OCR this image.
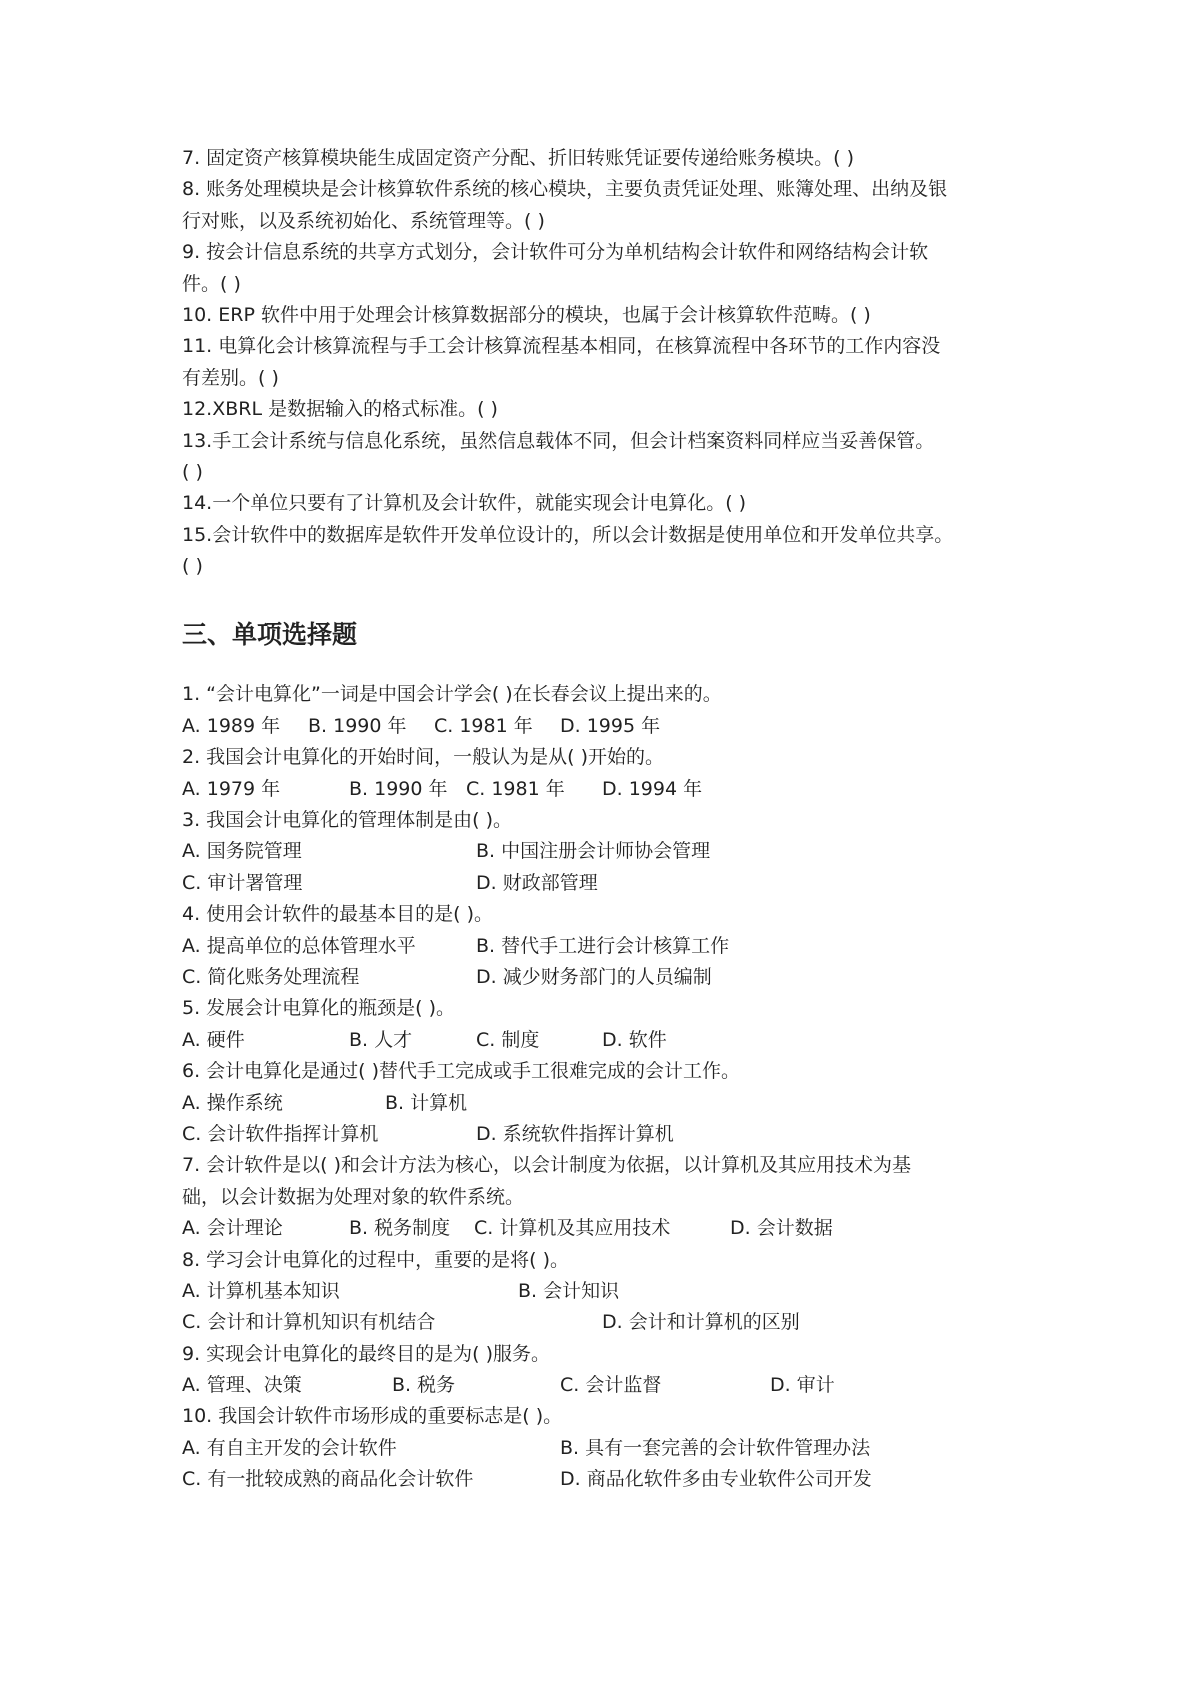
7. 固定资产核算模块能生成固定资产分配、折旧转账凭证要传递给账务模块。( )
8. 账务处理模块是会计核算软件系统的核心模块，主要负责凭证处理、账簿处理、出纳及银
行对账，以及系统初始化、系统管理等。( )
9. 按会计信息系统的共享方式划分，会计软件可分为单机结构会计软件和网络结构会计软
件。( )
10. ERP 软件中用于处理会计核算数据部分的模块，也属于会计核算软件范畴。( )
11. 电算化会计核算流程与手工会计核算流程基本相同，在核算流程中各环节的工作内容没
有差别。( )
12.XBRL 是数据输入的格式标准。( )
13.手工会计系统与信息化系统，虽然信息载体不同，但会计档案资料同样应当妥善保管。
( )
14.一个单位只要有了计算机及会计软件，就能实现会计电算化。( )
15.会计软件中的数据库是软件开发单位设计的，所以会计数据是使用单位和开发单位共享。
( )
三、单项选择题
1. “会计电算化”一词是中国会计学会( )在长春会议上提出来的。
A. 1989 年 B. 1990 年 C. 1981 年 D. 1995 年
2. 我国会计电算化的开始时间，一般认为是从( )开始的。
A. 1979 年	B. 1990 年 C. 1981 年 D. 1994 年
3. 我国会计电算化的管理体制是由( )。
A. 国务院管理	B. 中国注册会计师协会管理
C. 审计署管理	D. 财政部管理
4. 使用会计软件的最基本目的是( )。
A. 提高单位的总体管理水平	B. 替代手工进行会计核算工作
C. 简化账务处理流程	D. 减少财务部门的人员编制
5. 发展会计电算化的瓶颈是( )。
A. 硬件	B. 人才	C. 制度	D. 软件
6. 会计电算化是通过( )替代手工完成或手工很难完成的会计工作。
A. 操作系统	B. 计算机
C. 会计软件指挥计算机	D. 系统软件指挥计算机
7. 会计软件是以( )和会计方法为核心，以会计制度为依据，以计算机及其应用技术为基
础，以会计数据为处理对象的软件系统。
A. 会计理论	B. 税务制度 C. 计算机及其应用技术	D. 会计数据
8. 学习会计电算化的过程中，重要的是将( )。
A. 计算机基本知识	B. 会计知识
C. 会计和计算机知识有机结合	D. 会计和计算机的区别
9. 实现会计电算化的最终目的是为( )服务。
A. 管理、决策	B. 税务	C. 会计监督	D. 审计
10. 我国会计软件市场形成的重要标志是( )。
A. 有自主开发的会计软件	B. 具有一套完善的会计软件管理办法
C. 有一批较成熟的商品化会计软件	D. 商品化软件多由专业软件公司开发
